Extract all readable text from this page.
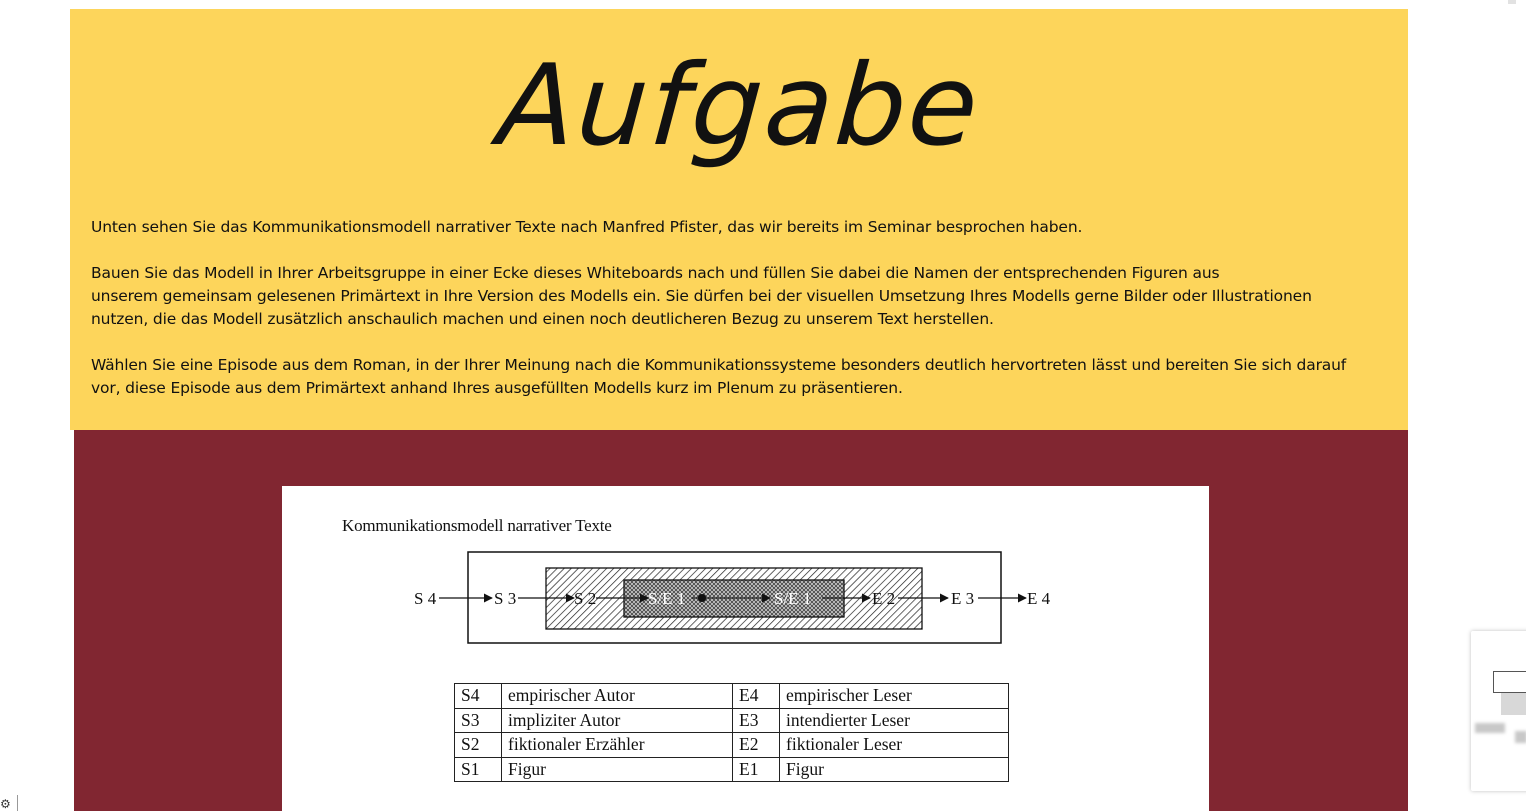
Aufgabe

Unten sehen Sie das Kommunikationsmodell narrativer Texte nach Manfred Pfister, das wir bereits im Seminar besprochen haben.

Bauen Sie das Modell in Ihrer Arbeitsgruppe in einer Ecke dieses Whiteboards nach und füllen Sie dabei die Namen der entsprechenden Figuren aus
unserem gemeinsam gelesenen Primärtext in Ihre Version des Modells ein. Sie dürfen bei der visuellen Umsetzung Ihres Modells gerne Bilder oder Illustrationen
nutzen, die das Modell zusätzlich anschaulich machen und einen noch deutlicheren Bezug zu unserem Text herstellen.

Wählen Sie eine Episode aus dem Roman, in der Ihrer Meinung nach die Kommunikationssysteme besonders deutlich hervortreten lässt und bereiten Sie sich darauf
vor, diese Episode aus dem Primärtext anhand Ihres ausgefüllten Modells kurz im Plenum zu präsentieren.

Kommunikationsmodell narrativer Texte
S 4	S 3	S 2	S/E 1	S/E 1	E 2	E 3	E 4
S4	empirischer Autor	E4	empirischer Leser
S3	impliziter Autor	E3	intendierter Leser
S2	fiktionaler Erzähler	E2	fiktionaler Leser
S1	Figur	E1	Figur
⚙
